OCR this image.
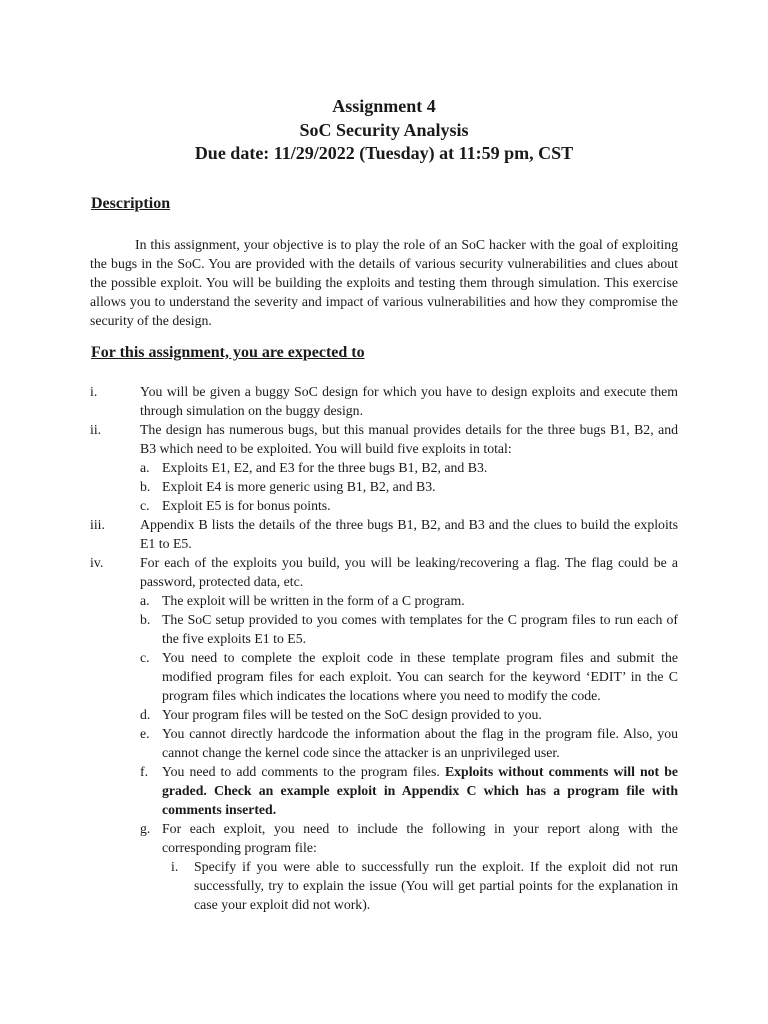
Assignment 4
SoC Security Analysis
Due date: 11/29/2022 (Tuesday) at 11:59 pm, CST
Description

In this assignment, your objective is to play the role of an SoC hacker with the goal of exploiting the bugs in the SoC. You are provided with the details of various security vulnerabilities and clues about the possible exploit. You will be building the exploits and testing them through simulation. This exercise allows you to understand the severity and impact of various vulnerabilities and how they compromise the security of the design.

For this assignment, you are expected to
i.	You will be given a buggy SoC design for which you have to design exploits and execute them through simulation on the buggy design.
ii.	The design has numerous bugs, but this manual provides details for the three bugs B1, B2, and B3 which need to be exploited. You will build five exploits in total:
a. Exploits E1, E2, and E3 for the three bugs B1, B2, and B3.
b. Exploit E4 is more generic using B1, B2, and B3.
c. Exploit E5 is for bonus points.
iii.	Appendix B lists the details of the three bugs B1, B2, and B3 and the clues to build the exploits E1 to E5.
iv.	For each of the exploits you build, you will be leaking/recovering a flag. The flag could be a password, protected data, etc.
a. The exploit will be written in the form of a C program.
b. The SoC setup provided to you comes with templates for the C program files to run each of the five exploits E1 to E5.
c. You need to complete the exploit code in these template program files and submit the modified program files for each exploit. You can search for the keyword ‘EDIT’ in the C program files which indicates the locations where you need to modify the code.
d. Your program files will be tested on the SoC design provided to you.
e. You cannot directly hardcode the information about the flag in the program file. Also, you cannot change the kernel code since the attacker is an unprivileged user.
f. You need to add comments to the program files. Exploits without comments will not be graded. Check an example exploit in Appendix C which has a program file with comments inserted.
g. For each exploit, you need to include the following in your report along with the corresponding program file:
i. Specify if you were able to successfully run the exploit. If the exploit did not run successfully, try to explain the issue (You will get partial points for the explanation in case your exploit did not work).
